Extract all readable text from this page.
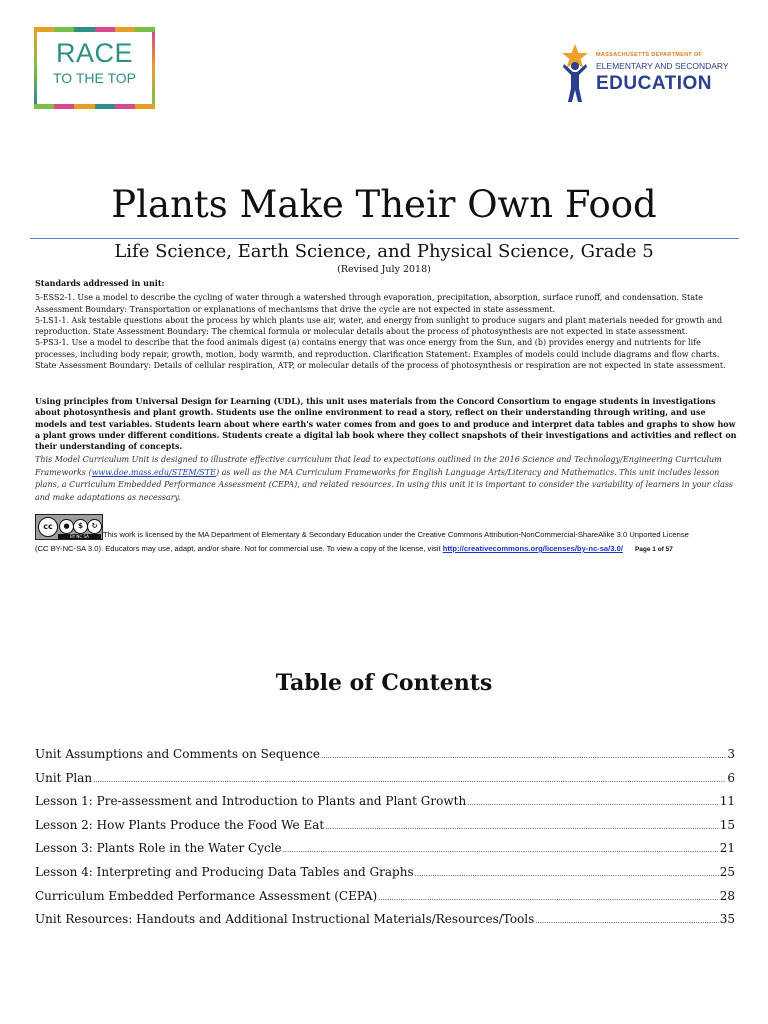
RACE
TO THE TOP
MASSACHUSETTS DEPARTMENT OF
ELEMENTARY AND SECONDARY
EDUCATION
Plants Make Their Own Food
Life Science, Earth Science, and Physical Science, Grade 5
(Revised July 2018)

Standards addressed in unit:

5-ESS2-1. Use a model to describe the cycling of water through a watershed through evaporation, precipitation, absorption, surface runoff, and condensation. State Assessment Boundary: Transportation or explanations of mechanisms that drive the cycle are not expected in state assessment.

5-LS1-1. Ask testable questions about the process by which plants use air, water, and energy from sunlight to produce sugars and plant materials needed for growth and reproduction. State Assessment Boundary: The chemical formula or molecular details about the process of photosynthesis are not expected in state assessment.

5-PS3-1. Use a model to describe that the food animals digest (a) contains energy that was once energy from the Sun, and (b) provides energy and nutrients for life processes, including body repair, growth, motion, body warmth, and reproduction. Clarification Statement: Examples of models could include diagrams and flow charts. State Assessment Boundary: Details of cellular respiration, ATP, or molecular details of the process of photosynthesis or respiration are not expected in state assessment.

Using principles from Universal Design for Learning (UDL), this unit uses materials from the Concord Consortium to engage students in investigations about photosynthesis and plant growth. Students use the online environment to read a story, reflect on their understanding through writing, and use models and test variables. Students learn about where earth's water comes from and goes to and produce and interpret data tables and graphs to show how a plant grows under different conditions. Students create a digital lab book where they collect snapshots of their investigations and activities and reflect on their understanding of concepts.
This Model Curriculum Unit is designed to illustrate effective curriculum that lead to expectations outlined in the 2016 Science and Technology/Engineering Curriculum Frameworks (www.doe.mass.edu/STEM/STE) as well as the MA Curriculum Frameworks for English Language Arts/Literacy and Mathematics. This unit includes lesson plans, a Curriculum Embedded Performance Assessment (CEPA), and related resources. In using this unit it is important to consider the variability of learners in your class and make adaptations as necessary.
cc	●	$	↻
BY NC SA	This work is licensed by the MA Department of Elementary & Secondary Education under the Creative Commons Attribution-NonCommercial-ShareAlike 3.0 Unported License
(CC BY-NC-SA 3.0). Educators may use, adapt, and/or share. Not for commercial use. To view a copy of the license, visit http://creativecommons.org/licenses/by-nc-sa/3.0/ Page 1 of 57
Table of Contents
Unit Assumptions and Comments on Sequence .....	3
Unit Plan .....	6
Lesson 1: Pre-assessment and Introduction to Plants and Plant Growth .....	11
Lesson 2: How Plants Produce the Food We Eat .....	15
Lesson 3: Plants Role in the Water Cycle .....	21
Lesson 4: Interpreting and Producing Data Tables and Graphs .....	25
Curriculum Embedded Performance Assessment (CEPA) .....	28
Unit Resources: Handouts and Additional Instructional Materials/Resources/Tools .....	35
